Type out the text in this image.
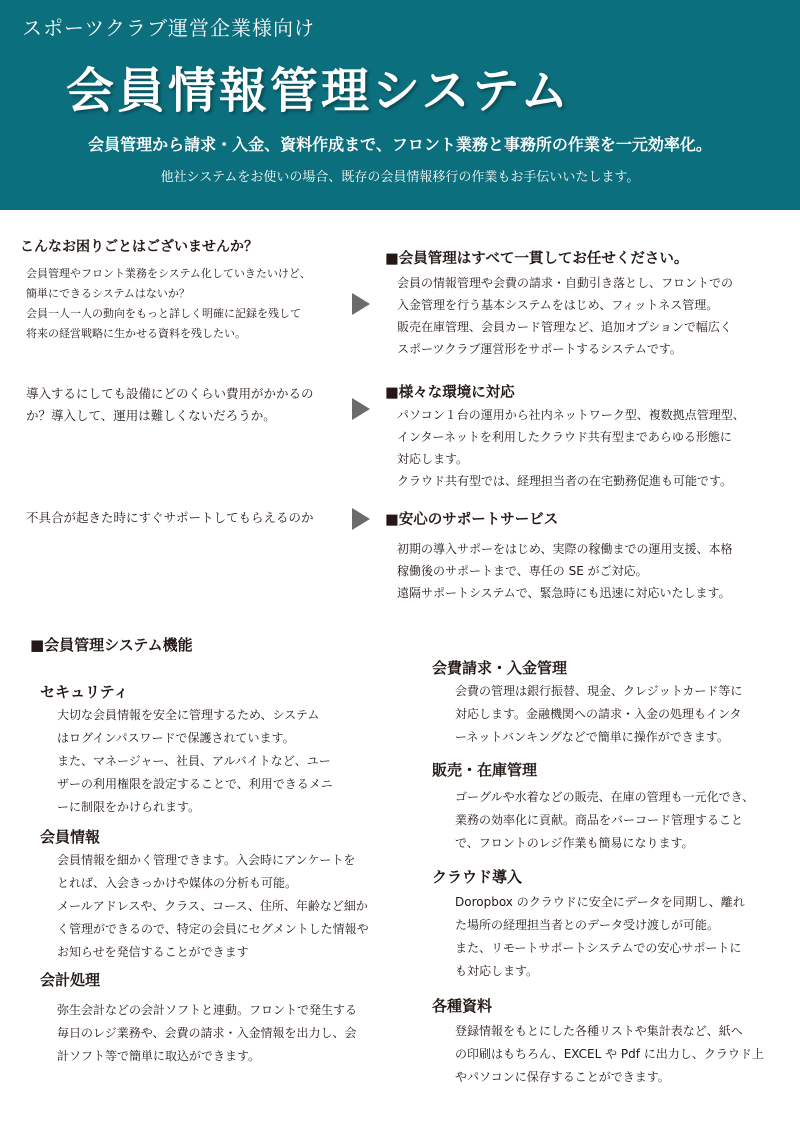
スポーツクラブ運営企業様向け
会員情報管理システム
会員管理から請求・入金、資料作成まで、フロント業務と事務所の作業を一元効率化。
他社システムをお使いの場合、既存の会員情報移行の作業もお手伝いいたします。
こんなお困りごとはございませんか？
会員管理やフロント業務をシステム化していきたいけど、
簡単にできるシステムはないか？
会員一人一人の動向をもっと詳しく明確に記録を残して
将来の経営戦略に生かせる資料を残したい。
導入するにしても設備にどのくらい費用がかかるの
か？導入して、運用は難しくないだろうか。
不具合が起きた時にすぐサポートしてもらえるのか
■会員管理はすべて一貫してお任せください。
会員の情報管理や会費の請求・自動引き落とし、フロントでの
入金管理を行う基本システムをはじめ、フィットネス管理。
販売在庫管理、会員カード管理など、追加オプションで幅広く
スポーツクラブ運営形をサポートするシステムです。
■様々な環境に対応
パソコン１台の運用から社内ネットワーク型、複数拠点管理型、
インターネットを利用したクラウド共有型まであらゆる形態に
対応します。
クラウド共有型では、経理担当者の在宅勤務促進も可能です。
■安心のサポートサービス
初期の導入サポーをはじめ、実際の稼働までの運用支援、本格
稼働後のサポートまで、専任の SE がご対応。
遠隔サポートシステムで、緊急時にも迅速に対応いたします。
■会員管理システム機能
セキュリティ
大切な会員情報を安全に管理するため、システム
はログインパスワードで保護されています。
また、マネージャー、社員、アルバイトなど、ユー
ザーの利用権限を設定することで、利用できるメニ
ーに制限をかけられます。
会員情報
会員情報を細かく管理できます。入会時にアンケートを
とれば、入会きっかけや媒体の分析も可能。
メールアドレスや、クラス、コース、住所、年齢など細か
く管理ができるので、特定の会員にセグメントした情報や
お知らせを発信することができます
会計処理
弥生会計などの会計ソフトと連動。フロントで発生する
毎日のレジ業務や、会費の請求・入金情報を出力し、会
計ソフト等で簡単に取込ができます。
会費請求・入金管理
会費の管理は銀行振替、現金、クレジットカード等に
対応します。金融機関への請求・入金の処理もインタ
ーネットバンキングなどで簡単に操作ができます。
販売・在庫管理
ゴーグルや水着などの販売、在庫の管理も一元化でき、
業務の効率化に貢献。商品をバーコード管理すること
で、フロントのレジ作業も簡易になります。
クラウド導入
Doropbox のクラウドに安全にデータを同期し、離れ
た場所の経理担当者とのデータ受け渡しが可能。
また、リモートサポートシステムでの安心サポートに
も対応します。
各種資料
登録情報をもとにした各種リストや集計表など、紙へ
の印刷はもちろん、EXCEL や Pdf に出力し、クラウド上
やパソコンに保存することができます。
